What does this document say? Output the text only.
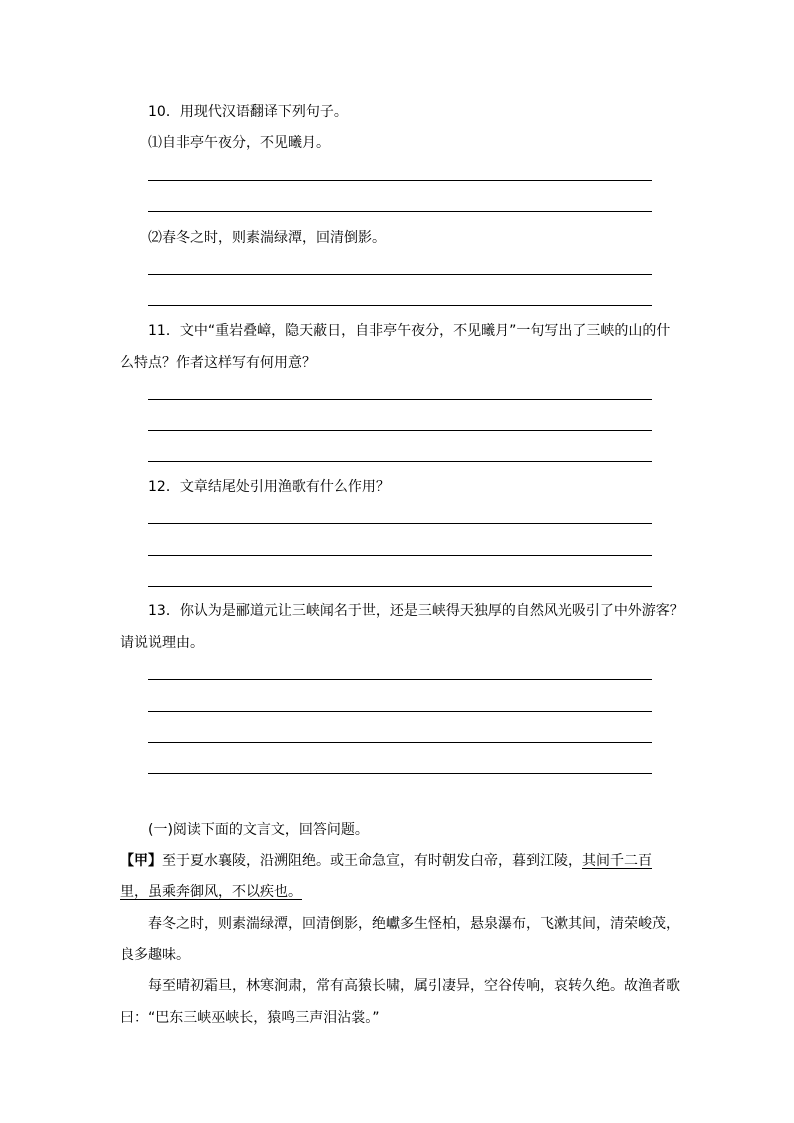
10．用现代汉语翻译下列句子。
⑴自非亭午夜分，不见曦月。
⑵春冬之时，则素湍绿潭，回清倒影。
11．文中“重岩叠嶂，隐天蔽日，自非亭午夜分，不见曦月”一句写出了三峡的山的什
么特点？作者这样写有何用意？
12．文章结尾处引用渔歌有什么作用？
13．你认为是郦道元让三峡闻名于世，还是三峡得天独厚的自然风光吸引了中外游客？
请说说理由。
(一)阅读下面的文言文，回答问题。
【甲】至于夏水襄陵，沿溯阻绝。或王命急宣，有时朝发白帝，暮到江陵，其间千二百
里，虽乘奔御风，不以疾也。
春冬之时，则素湍绿潭，回清倒影，绝巘多生怪柏，悬泉瀑布，飞漱其间，清荣峻茂，
良多趣味。
每至晴初霜旦，林寒涧肃，常有高猿长啸，属引凄异，空谷传响，哀转久绝。故渔者歌
曰：“巴东三峡巫峡长，猿鸣三声泪沾裳。”
